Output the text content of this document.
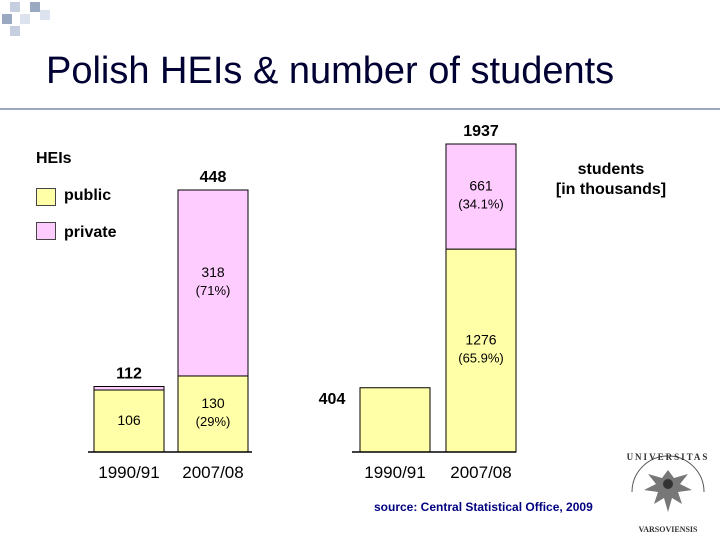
Polish HEIs & number of students
HEIs
public
private
students
[in thousands]
106
112
1990/91
130
(29%)
318
(71%)
448
2007/08
404
1990/91
1276
(65.9%)
661
(34.1%)
1937
2007/08
source: Central Statistical Office, 2009
UNIVERSITAS
VARSOVIENSIS
